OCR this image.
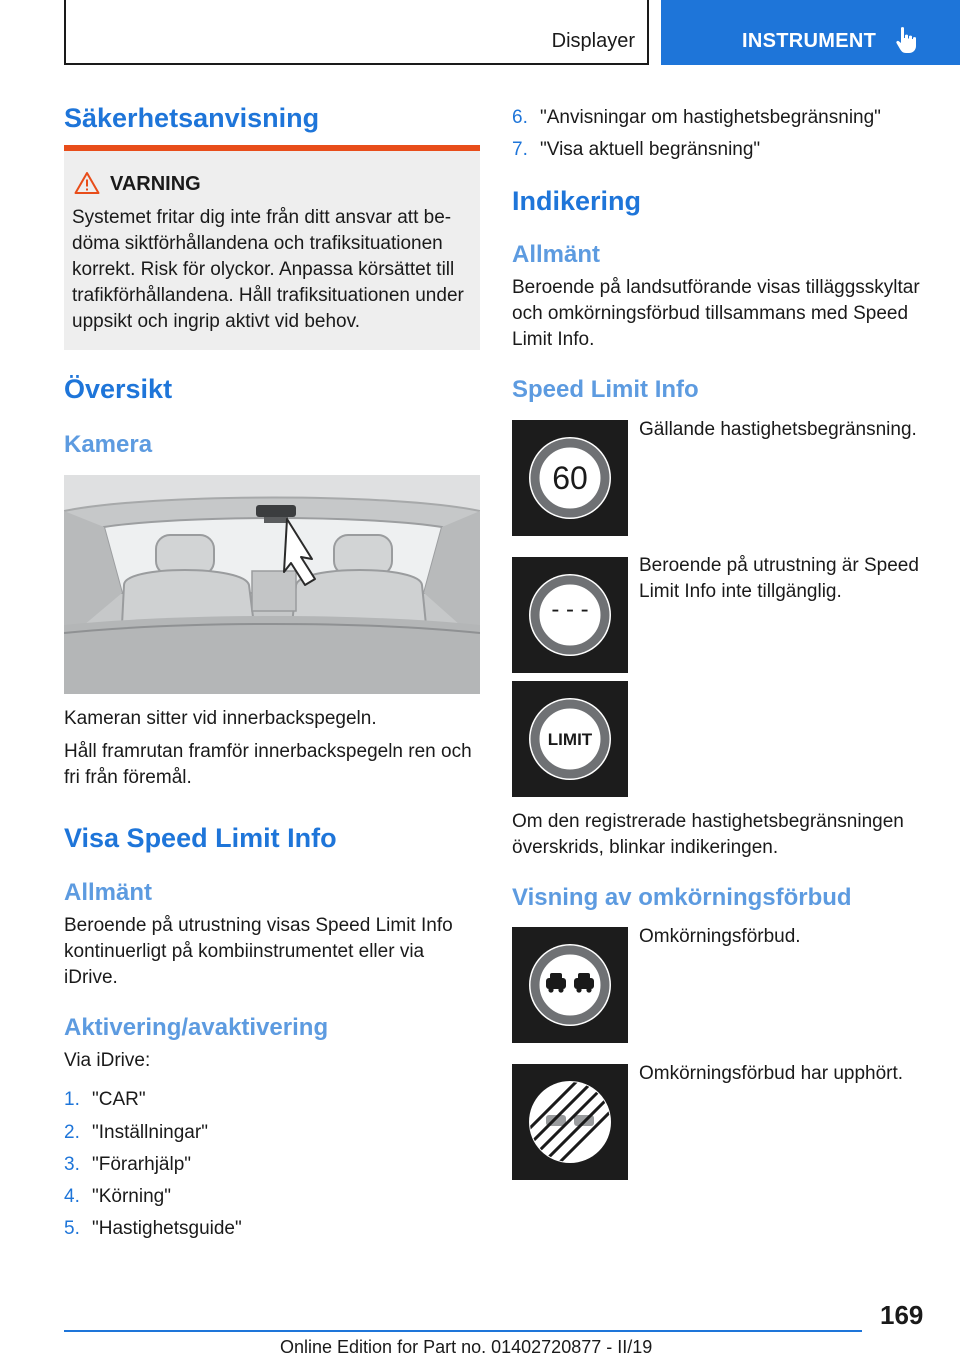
Displayer	INSTRUMENT
Säkerhetsanvisning
VARNING

Systemet fritar dig inte från ditt ansvar att be-

döma siktförhållandena och trafiksituationen

korrekt. Risk för olyckor. Anpassa körsättet till

trafikförhållandena. Håll trafiksituationen under

uppsikt och ingrip aktivt vid behov.

Översikt
Kamera
Kameran sitter vid innerbackspegeln.

Håll framrutan framför innerbackspegeln ren och

fri från föremål.

Visa Speed Limit Info
Allmänt

Beroende på utrustning visas Speed Limit Info

kontinuerligt på kombiinstrumentet eller via

iDrive.

Aktivering/avaktivering
Via iDrive:
1. "CAR"
2. "Inställningar"
3. "Förarhjälp"
4. "Körning"
5. "Hastighetsguide"
6. "Anvisningar om hastighetsbegränsning"
7. "Visa aktuell begränsning"
Indikering
Allmänt

Beroende på landsutförande visas tilläggsskyltar

och omkörningsförbud tillsammans med Speed

Limit Info.

Speed Limit Info
60
Gällande hastighetsbegränsning.
- - -

Beroende på utrustning är Speed

Limit Info inte tillgänglig.

LIMIT

Om den registrerade hastighetsbegränsningen

överskrids, blinkar indikeringen.

Visning av omkörningsförbud
Omkörningsförbud.
Omkörningsförbud har upphört.
169
Online Edition for Part no. 01402720877 - II/19
